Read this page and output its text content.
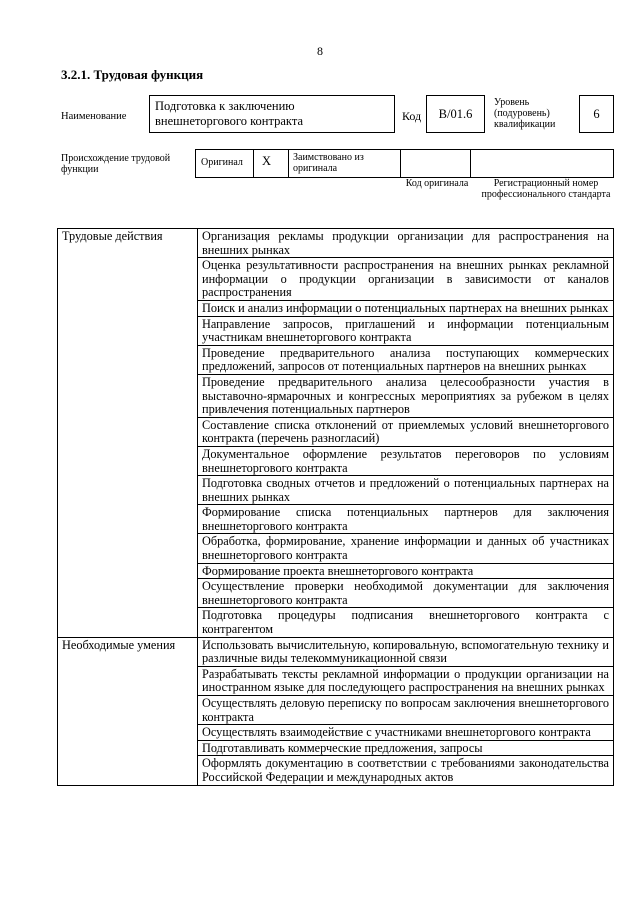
8
3.2.1. Трудовая функция
Наименование
Подготовка к заключению внешнеторгового контракта	Код	B/01.6
Уровень (подуровень) квалификации
6
Происхождение трудовой функции
Оригинал X Заимствовано из оригинала
Код оригинала	Регистрационный номер профессионального стандарта
Трудовые действия	Организация рекламы продукции организации для распространения на внешних рынках
	Оценка результативности распространения на внешних рынках рекламной информации о продукции организации в зависимости от каналов распространения
	Поиск и анализ информации о потенциальных партнерах на внешних рынках
	Направление запросов, приглашений и информации потенциальным участникам внешнеторгового контракта
	Проведение предварительного анализа поступающих коммерческих предложений, запросов от потенциальных партнеров на внешних рынках
	Проведение предварительного анализа целесообразности участия в выставочно-ярмарочных и конгрессных мероприятиях за рубежом в целях привлечения потенциальных партнеров
	Составление списка отклонений от приемлемых условий внешнеторгового контракта (перечень разногласий)
	Документальное оформление результатов переговоров по условиям внешнеторгового контракта
	Подготовка сводных отчетов и предложений о потенциальных партнерах на внешних рынках
	Формирование списка потенциальных партнеров для заключения внешнеторгового контракта
	Обработка, формирование, хранение информации и данных об участниках внешнеторгового контракта
	Формирование проекта внешнеторгового контракта
	Осуществление проверки необходимой документации для заключения внешнеторгового контракта
	Подготовка процедуры подписания внешнеторгового контракта с контрагентом
Необходимые умения	Использовать вычислительную, копировальную, вспомогательную технику и различные виды телекоммуникационной связи
	Разрабатывать тексты рекламной информации о продукции организации на иностранном языке для последующего распространения на внешних рынках
	Осуществлять деловую переписку по вопросам заключения внешнеторгового контракта
	Осуществлять взаимодействие с участниками внешнеторгового контракта
	Подготавливать коммерческие предложения, запросы
	Оформлять документацию в соответствии с требованиями законодательства Российской Федерации и международных актов
